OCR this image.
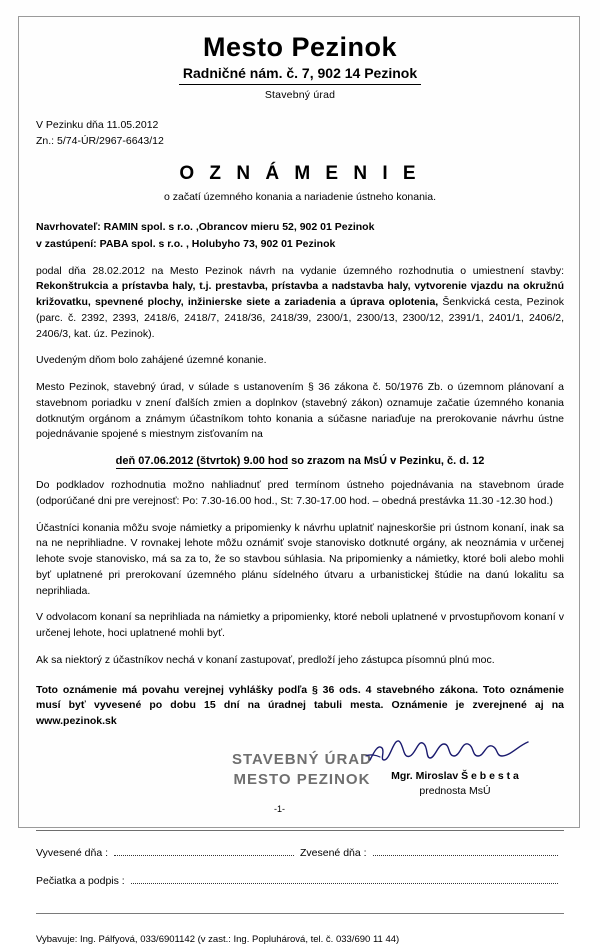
Mesto Pezinok
Radničné nám. č. 7, 902 14 Pezinok
Stavebný úrad
V Pezinku dňa 11.05.2012
Zn.: 5/74-ÚR/2967-6643/12
O Z N Á M E N I E
o začatí územného konania a nariadenie ústneho konania.
Navrhovateľ: RAMIN spol. s r.o. ,Obrancov mieru 52, 902 01 Pezinok
v zastúpení: PABA spol. s r.o. , Holubyho 73, 902 01 Pezinok

podal dňa 28.02.2012 na Mesto Pezinok návrh na vydanie územného rozhodnutia o umiestnení stavby: Rekonštrukcia a prístavba haly, t.j. prestavba, prístavba a nadstavba haly, vytvorenie vjazdu na okružnú križovatku, spevnené plochy, inžinierske siete a zariadenia a úprava oplotenia, Šenkvická cesta, Pezinok (parc. č. 2392, 2393, 2418/6, 2418/7, 2418/36, 2418/39, 2300/1, 2300/13, 2300/12, 2391/1, 2401/1, 2406/2, 2406/3, kat. úz. Pezinok).

Uvedeným dňom bolo zahájené územné konanie.

Mesto Pezinok, stavebný úrad, v súlade s ustanovením § 36 zákona č. 50/1976 Zb. o územnom plánovaní a stavebnom poriadku v znení ďalších zmien a doplnkov (stavebný zákon) oznamuje začatie územného konania dotknutým orgánom a známym účastníkom tohto konania a súčasne nariaďuje na prerokovanie návrhu ústne pojednávanie spojené s miestnym zisťovaním na

deň 07.06.2012 (štvrtok) 9.00 hod so zrazom na MsÚ v Pezinku, č. d. 12

Do podkladov rozhodnutia možno nahliadnuť pred termínom ústneho pojednávania na stavebnom úrade (odporúčané dni pre verejnosť: Po: 7.30-16.00 hod., St: 7.30-17.00 hod. – obedná prestávka 11.30 -12.30 hod.)

Účastníci konania môžu svoje námietky a pripomienky k návrhu uplatniť najneskoršie pri ústnom konaní, inak sa na ne neprihliadne. V rovnakej lehote môžu oznámiť svoje stanovisko dotknuté orgány, ak neoznámia v určenej lehote svoje stanovisko, má sa za to, že so stavbou súhlasia. Na pripomienky a námietky, ktoré boli alebo mohli byť uplatnené pri prerokovaní územného plánu sídelného útvaru a urbanistickej štúdie na danú lokalitu sa neprihliada.

V odvolacom konaní sa neprihliada na námietky a pripomienky, ktoré neboli uplatnené v prvostupňovom konaní v určenej lehote, hoci uplatnené mohli byť.

Ak sa niektorý z účastníkov nechá v konaní zastupovať, predloží jeho zástupca písomnú plnú moc.

Toto oznámenie má povahu verejnej vyhlášky podľa § 36 ods. 4 stavebného zákona. Toto oznámenie musí byť vyvesené po dobu 15 dní na úradnej tabuli mesta. Oznámenie je zverejnené aj na www.pezinok.sk
STAVEBNÝ ÚRAD
MESTO PEZINOK
-1-
Mgr. Miroslav Š e b e s t a
prednosta MsÚ
Vyvesené dňa :	Zvesené dňa :
Pečiatka a podpis :
Vybavuje: Ing. Pálfyová, 033/6901142 (v zast.: Ing. Popluhárová, tel. č. 033/690 11 44)
